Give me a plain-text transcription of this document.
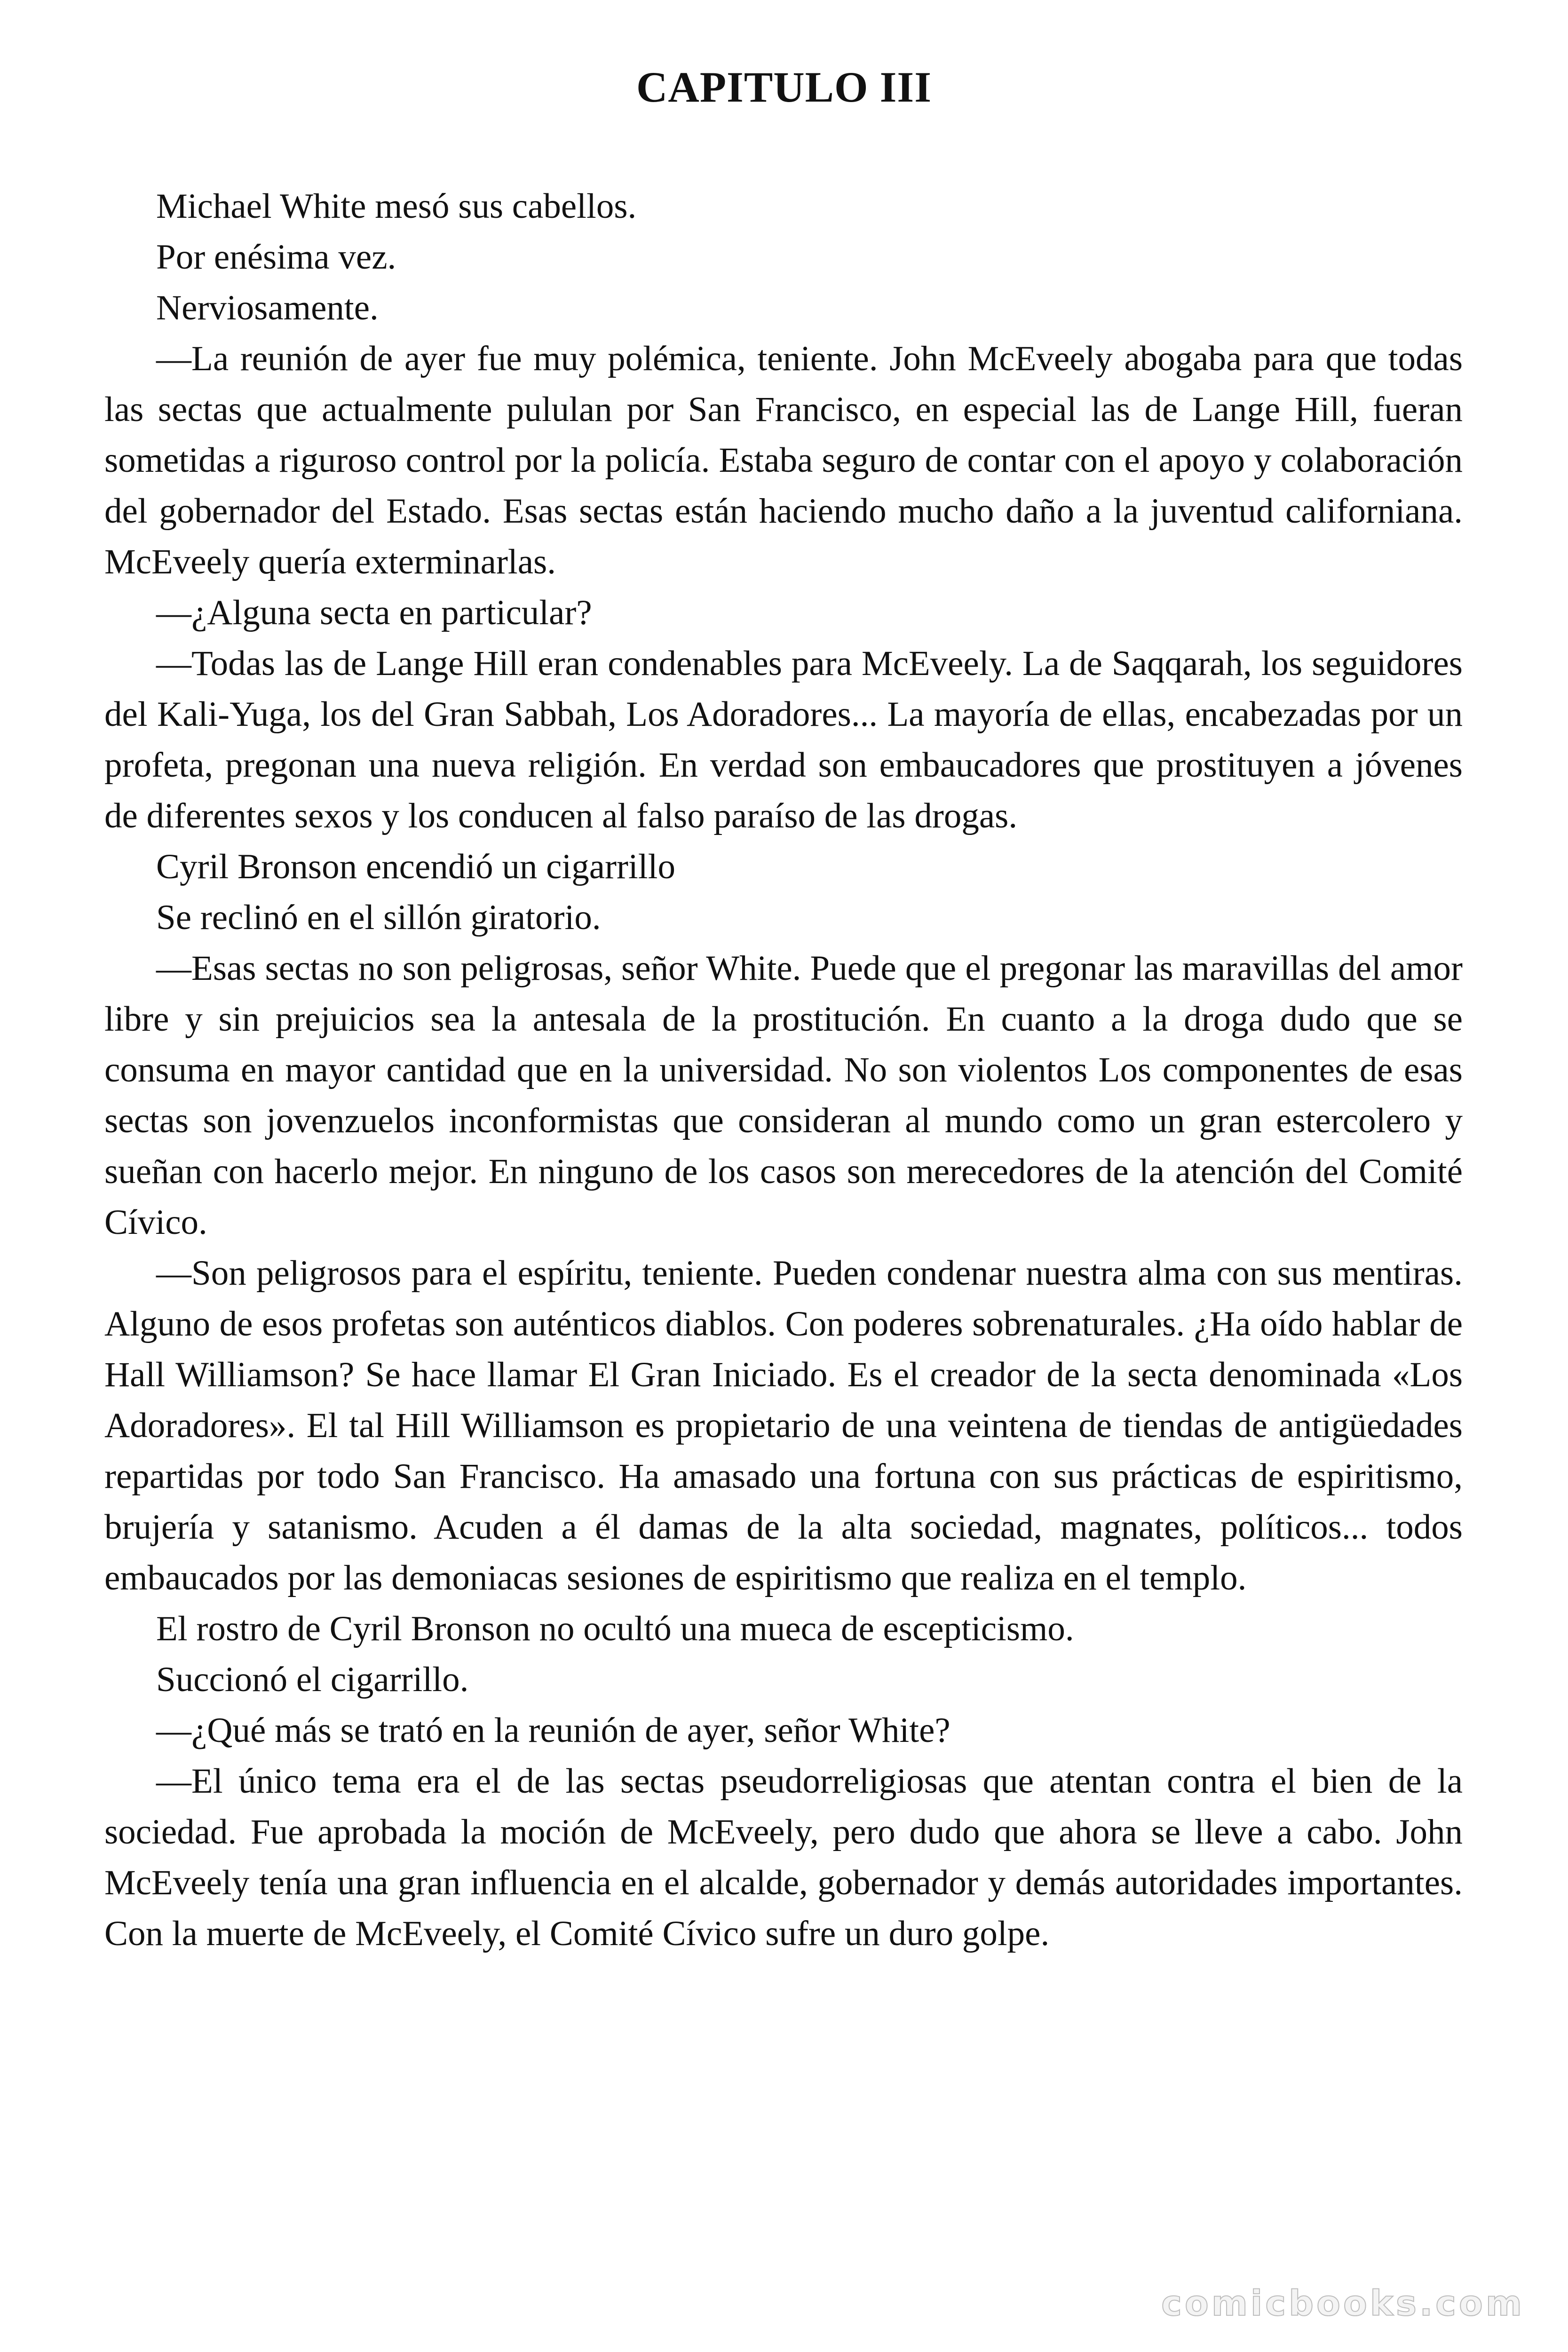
CAPITULO III

Michael White mesó sus cabellos.

Por enésima vez.

Nerviosamente.

—La reunión de ayer fue muy polémica, teniente. John McEveely abogaba para que todas las sectas que actualmente pululan por San Francisco, en especial las de Lange Hill, fueran sometidas a riguroso control por la policía. Estaba seguro de contar con el apoyo y colaboración del gobernador del Estado. Esas sectas están haciendo mucho daño a la juventud californiana. McEveely quería exterminarlas.

—¿Alguna secta en particular?

—Todas las de Lange Hill eran condenables para McEveely. La de Saqqarah, los seguidores del Kali-Yuga, los del Gran Sabbah, Los Adoradores... La mayoría de ellas, encabezadas por un profeta, pregonan una nueva religión. En verdad son embaucadores que prostituyen a jóvenes de diferentes sexos y los conducen al falso paraíso de las drogas.

Cyril Bronson encendió un cigarrillo

Se reclinó en el sillón giratorio.

—Esas sectas no son peligrosas, señor White. Puede que el pregonar las maravillas del amor libre y sin prejuicios sea la antesala de la prostitución. En cuanto a la droga dudo que se consuma en mayor cantidad que en la universidad. No son violentos Los componentes de esas sectas son jovenzuelos inconformistas que consideran al mundo como un gran estercolero y sueñan con hacerlo mejor. En ninguno de los casos son merecedores de la atención del Comité Cívico.

—Son peligrosos para el espíritu, teniente. Pueden condenar nuestra alma con sus mentiras. Alguno de esos profetas son auténticos diablos. Con poderes sobrenaturales. ¿Ha oído hablar de Hall Williamson? Se hace llamar El Gran Iniciado. Es el creador de la secta denominada «Los Adoradores». El tal Hill Williamson es propietario de una veintena de tiendas de antigüedades repartidas por todo San Francisco. Ha amasado una fortuna con sus prácticas de espiritismo, brujería y satanismo. Acuden a él damas de la alta sociedad, magnates, políticos... todos embaucados por las demoniacas sesiones de espiritismo que realiza en el templo.

El rostro de Cyril Bronson no ocultó una mueca de escepticismo.

Succionó el cigarrillo.

—¿Qué más se trató en la reunión de ayer, señor White?

—El único tema era el de las sectas pseudorreligiosas que atentan contra el bien de la sociedad. Fue aprobada la moción de McEveely, pero dudo que ahora se lleve a cabo. John McEveely tenía una gran influencia en el alcalde, gobernador y demás autoridades importantes. Con la muerte de McEveely, el Comité Cívico sufre un duro golpe.

comicbooks.com
